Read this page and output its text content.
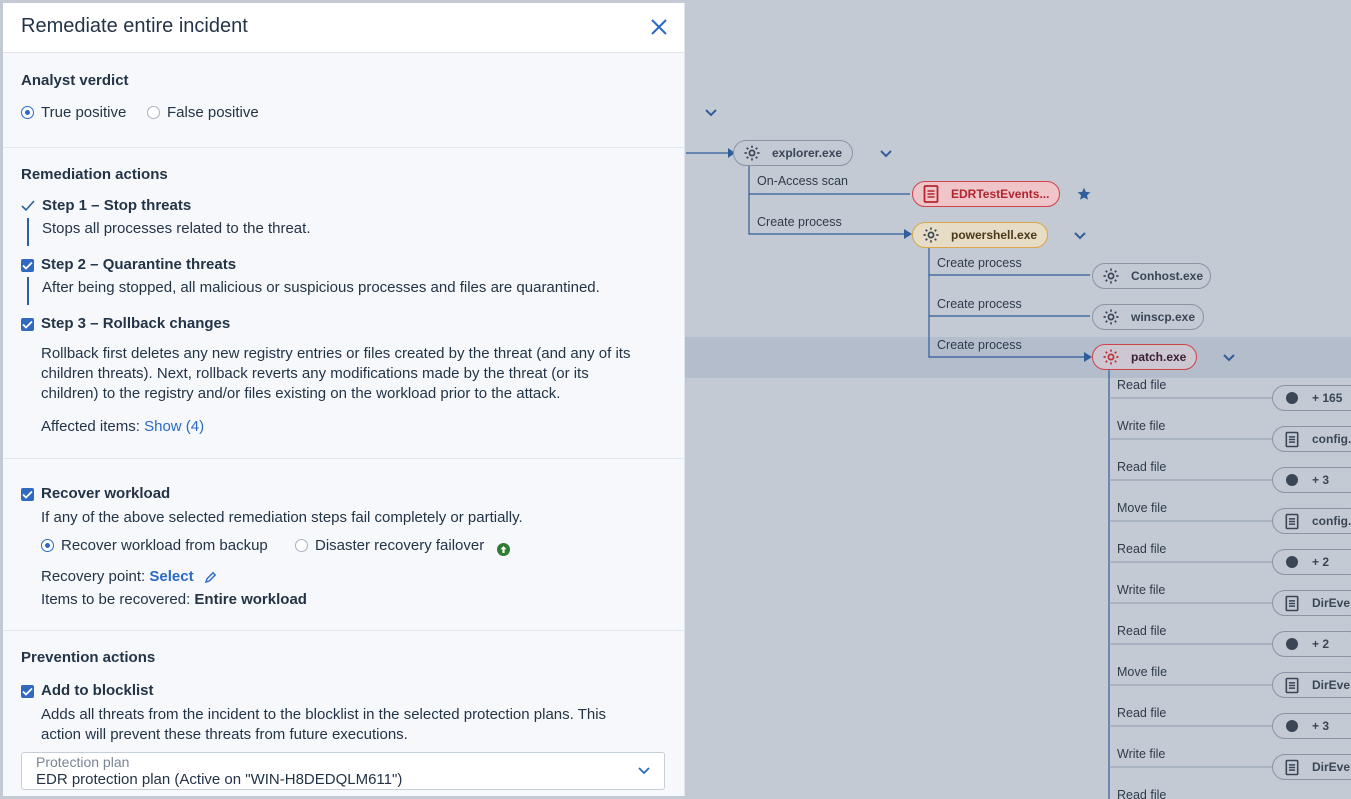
explorer.exe
On-Access scan
Create process
EDRTestEvents...
powershell.exe
Create process
Create process
Create process
Conhost.exe
winscp.exe
patch.exe
Read file
+ 165
Write file
config.
Read file
+ 3
Move file
config.
Read file
+ 2
Write file
DirEve
Read file
+ 2
Move file
DirEve
Read file
+ 3
Write file
DirEve
Read file
Remediate entire incident
Analyst verdict
True positive	False positive
Remediation actions
Step 1 – Stop threats
Stops all processes related to the threat.
Step 2 – Quarantine threats
After being stopped, all malicious or suspicious processes and files are quarantined.
Step 3 – Rollback changes
Rollback first deletes any new registry entries or files created by the threat (and any of its
children threats). Next, rollback reverts any modifications made by the threat (or its
children) to the registry and/or files existing on the workload prior to the attack.
Affected items: Show (4)
Recover workload
If any of the above selected remediation steps fail completely or partially.
Recover workload from backup	Disaster recovery failover
Recovery point: Select
Items to be recovered: Entire workload
Prevention actions
Add to blocklist
Adds all threats from the incident to the blocklist in the selected protection plans. This
action will prevent these threats from future executions.
Protection plan
EDR protection plan (Active on "WIN-H8DEDQLM611")
